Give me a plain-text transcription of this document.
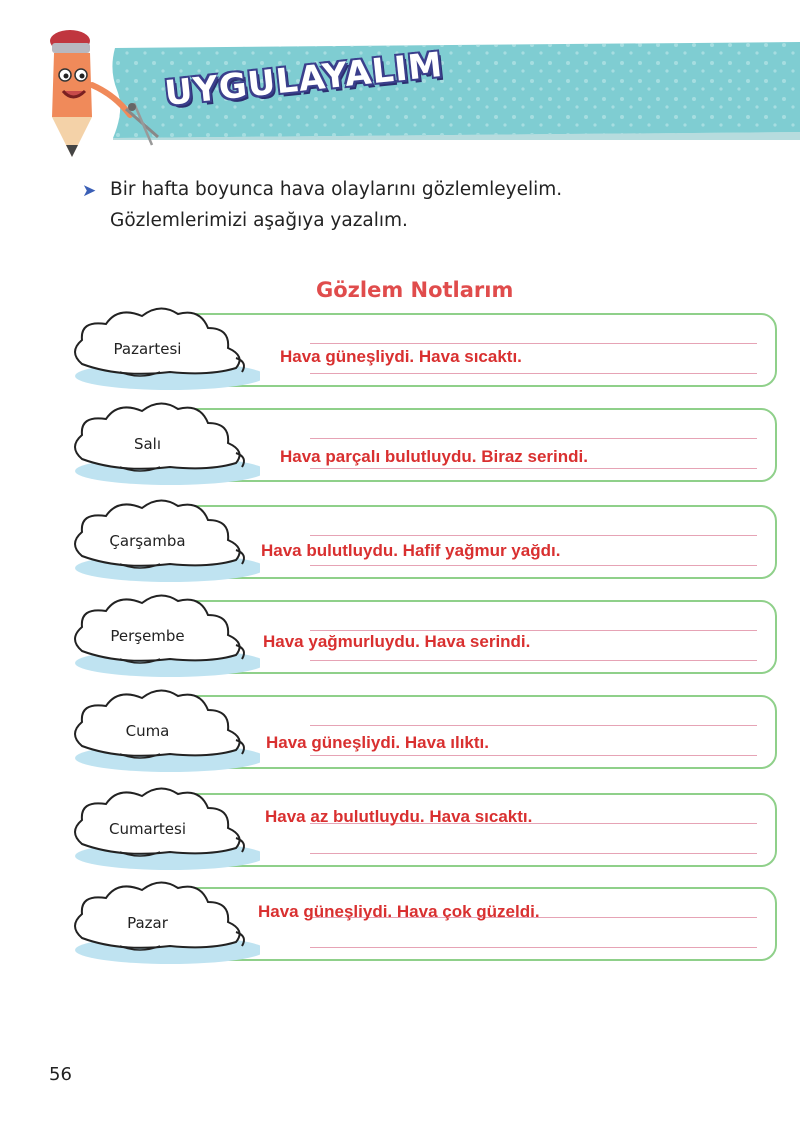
UYGULAYALIM
➤ Bir hafta boyunca hava olaylarını gözlemleyelim.
Gözlemlerimizi aşağıya yazalım.
Gözlem Notlarım
Hava güneşliydi. Hava sıcaktı.
Pazartesi
Hava parçalı bulutluydu. Biraz serindi.
Salı
Hava bulutluydu. Hafif yağmur yağdı.
Çarşamba
Hava yağmurluydu. Hava serindi.
Perşembe
Hava güneşliydi. Hava ılıktı.
Cuma
Hava az bulutluydu. Hava sıcaktı.
Cumartesi
Hava güneşliydi. Hava çok güzeldi.
Pazar
56
